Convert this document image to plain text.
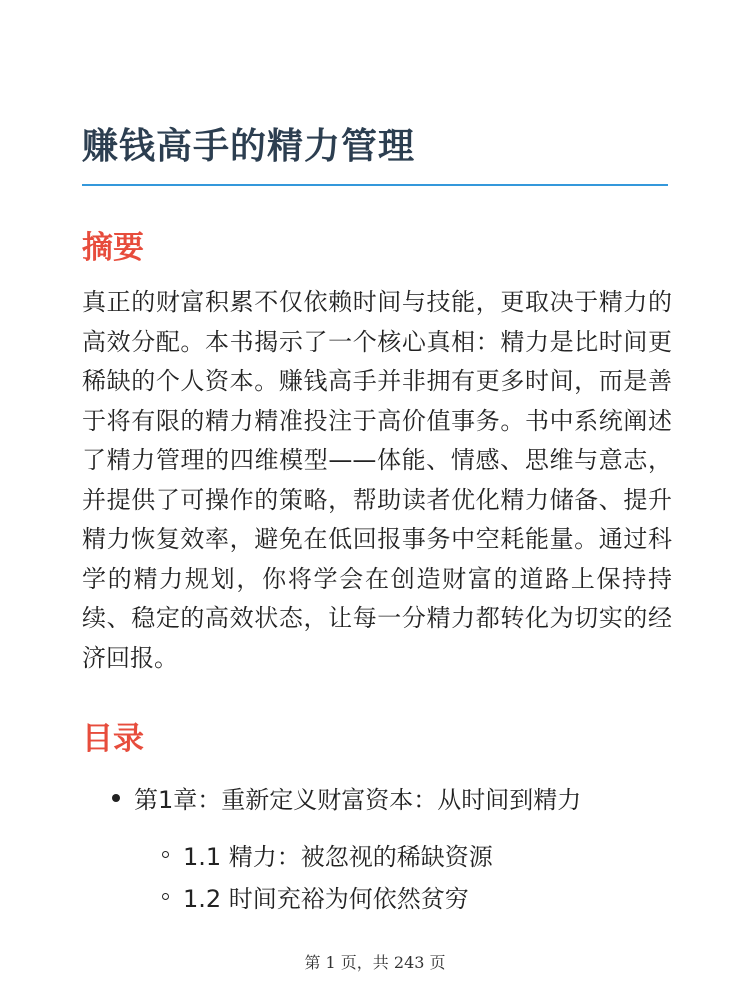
赚钱高手的精力管理
摘要
真正的财富积累不仅依赖时间与技能，更取决于精力的高效分配。本书揭示了一个核心真相：精力是比时间更稀缺的个人资本。赚钱高手并非拥有更多时间，而是善于将有限的精力精准投注于高价值事务。书中系统阐述了精力管理的四维模型——体能、情感、思维与意志，并提供了可操作的策略，帮助读者优化精力储备、提升精力恢复效率，避免在低回报事务中空耗能量。通过科学的精力规划，你将学会在创造财富的道路上保持持续、稳定的高效状态，让每一分精力都转化为切实的经济回报。
目录
第1章：重新定义财富资本：从时间到精力
1.1 精力：被忽视的稀缺资源
1.2 时间充裕为何依然贫穷
第 1 页，共 243 页
